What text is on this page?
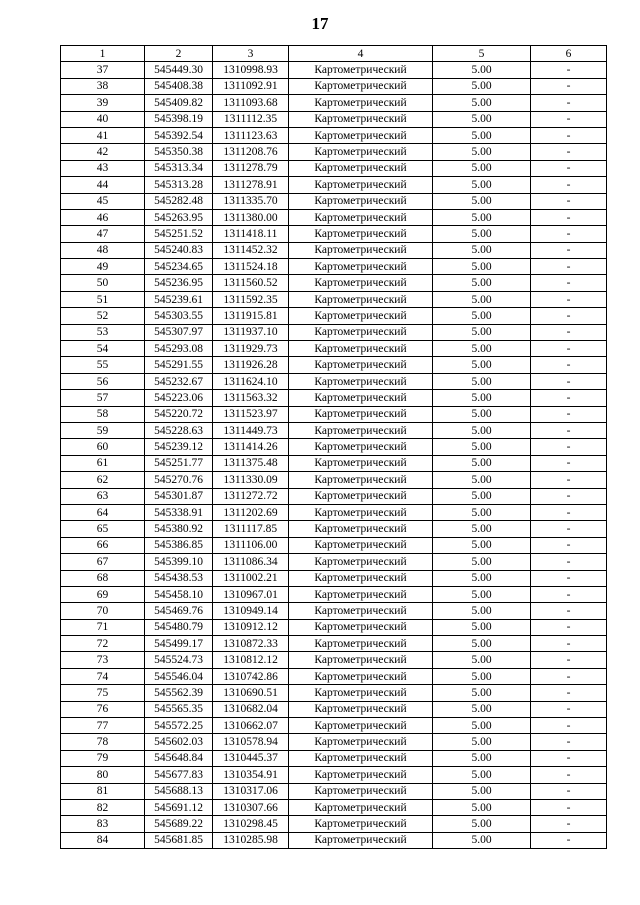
17
1	2	3	4	5	6
37	545449.30	1310998.93	Картометрический	5.00	-
38	545408.38	1311092.91	Картометрический	5.00	-
39	545409.82	1311093.68	Картометрический	5.00	-
40	545398.19	1311112.35	Картометрический	5.00	-
41	545392.54	1311123.63	Картометрический	5.00	-
42	545350.38	1311208.76	Картометрический	5.00	-
43	545313.34	1311278.79	Картометрический	5.00	-
44	545313.28	1311278.91	Картометрический	5.00	-
45	545282.48	1311335.70	Картометрический	5.00	-
46	545263.95	1311380.00	Картометрический	5.00	-
47	545251.52	1311418.11	Картометрический	5.00	-
48	545240.83	1311452.32	Картометрический	5.00	-
49	545234.65	1311524.18	Картометрический	5.00	-
50	545236.95	1311560.52	Картометрический	5.00	-
51	545239.61	1311592.35	Картометрический	5.00	-
52	545303.55	1311915.81	Картометрический	5.00	-
53	545307.97	1311937.10	Картометрический	5.00	-
54	545293.08	1311929.73	Картометрический	5.00	-
55	545291.55	1311926.28	Картометрический	5.00	-
56	545232.67	1311624.10	Картометрический	5.00	-
57	545223.06	1311563.32	Картометрический	5.00	-
58	545220.72	1311523.97	Картометрический	5.00	-
59	545228.63	1311449.73	Картометрический	5.00	-
60	545239.12	1311414.26	Картометрический	5.00	-
61	545251.77	1311375.48	Картометрический	5.00	-
62	545270.76	1311330.09	Картометрический	5.00	-
63	545301.87	1311272.72	Картометрический	5.00	-
64	545338.91	1311202.69	Картометрический	5.00	-
65	545380.92	1311117.85	Картометрический	5.00	-
66	545386.85	1311106.00	Картометрический	5.00	-
67	545399.10	1311086.34	Картометрический	5.00	-
68	545438.53	1311002.21	Картометрический	5.00	-
69	545458.10	1310967.01	Картометрический	5.00	-
70	545469.76	1310949.14	Картометрический	5.00	-
71	545480.79	1310912.12	Картометрический	5.00	-
72	545499.17	1310872.33	Картометрический	5.00	-
73	545524.73	1310812.12	Картометрический	5.00	-
74	545546.04	1310742.86	Картометрический	5.00	-
75	545562.39	1310690.51	Картометрический	5.00	-
76	545565.35	1310682.04	Картометрический	5.00	-
77	545572.25	1310662.07	Картометрический	5.00	-
78	545602.03	1310578.94	Картометрический	5.00	-
79	545648.84	1310445.37	Картометрический	5.00	-
80	545677.83	1310354.91	Картометрический	5.00	-
81	545688.13	1310317.06	Картометрический	5.00	-
82	545691.12	1310307.66	Картометрический	5.00	-
83	545689.22	1310298.45	Картометрический	5.00	-
84	545681.85	1310285.98	Картометрический	5.00	-
